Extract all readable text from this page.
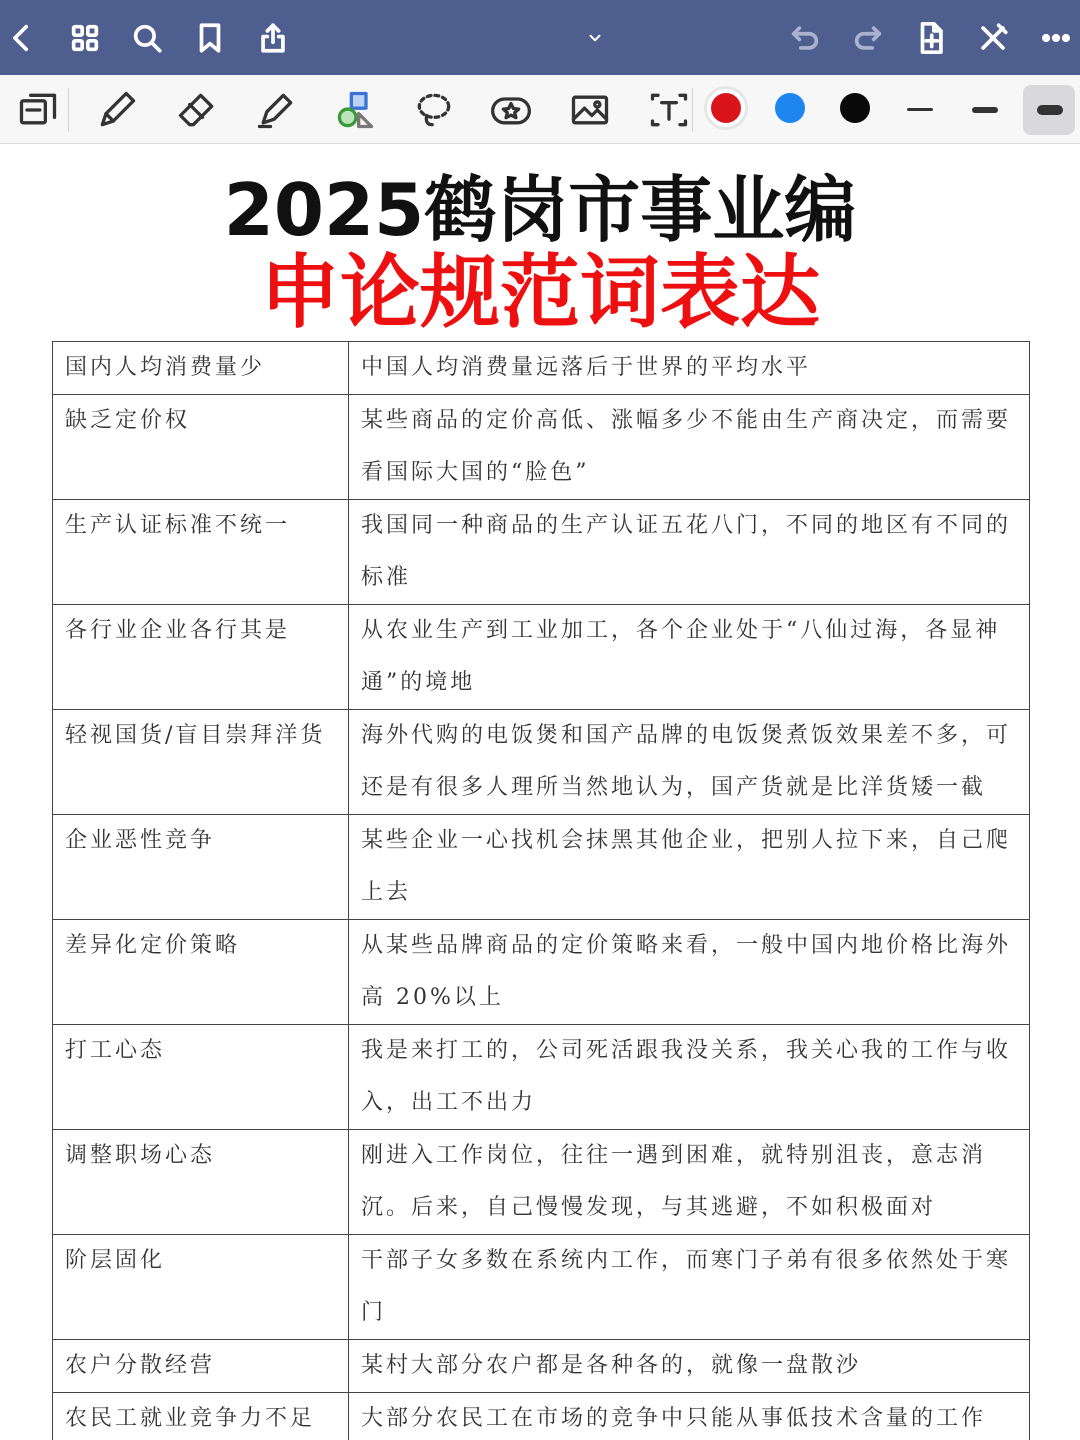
2025鹤岗市事业编
申论规范词表达
国内人均消费量少	中国人均消费量远落后于世界的平均水平
缺乏定价权	某些商品的定价高低、涨幅多少不能由生产商决定，而需要看国际大国的“脸色”
生产认证标准不统一	我国同一种商品的生产认证五花八门，不同的地区有不同的标准
各行业企业各行其是	从农业生产到工业加工，各个企业处于“八仙过海，各显神通”的境地
轻视国货/盲目崇拜洋货	海外代购的电饭煲和国产品牌的电饭煲煮饭效果差不多，可还是有很多人理所当然地认为，国产货就是比洋货矮一截
企业恶性竞争	某些企业一心找机会抹黑其他企业，把别人拉下来，自己爬上去
差异化定价策略	从某些品牌商品的定价策略来看，一般中国内地价格比海外高 20%以上
打工心态	我是来打工的，公司死活跟我没关系，我关心我的工作与收入，出工不出力
调整职场心态	刚进入工作岗位，往往一遇到困难，就特别沮丧，意志消沉。后来，自己慢慢发现，与其逃避，不如积极面对
阶层固化	干部子女多数在系统内工作，而寒门子弟有很多依然处于寒门
农户分散经营	某村大部分农户都是各种各的，就像一盘散沙
农民工就业竞争力不足	大部分农民工在市场的竞争中只能从事低技术含量的工作
